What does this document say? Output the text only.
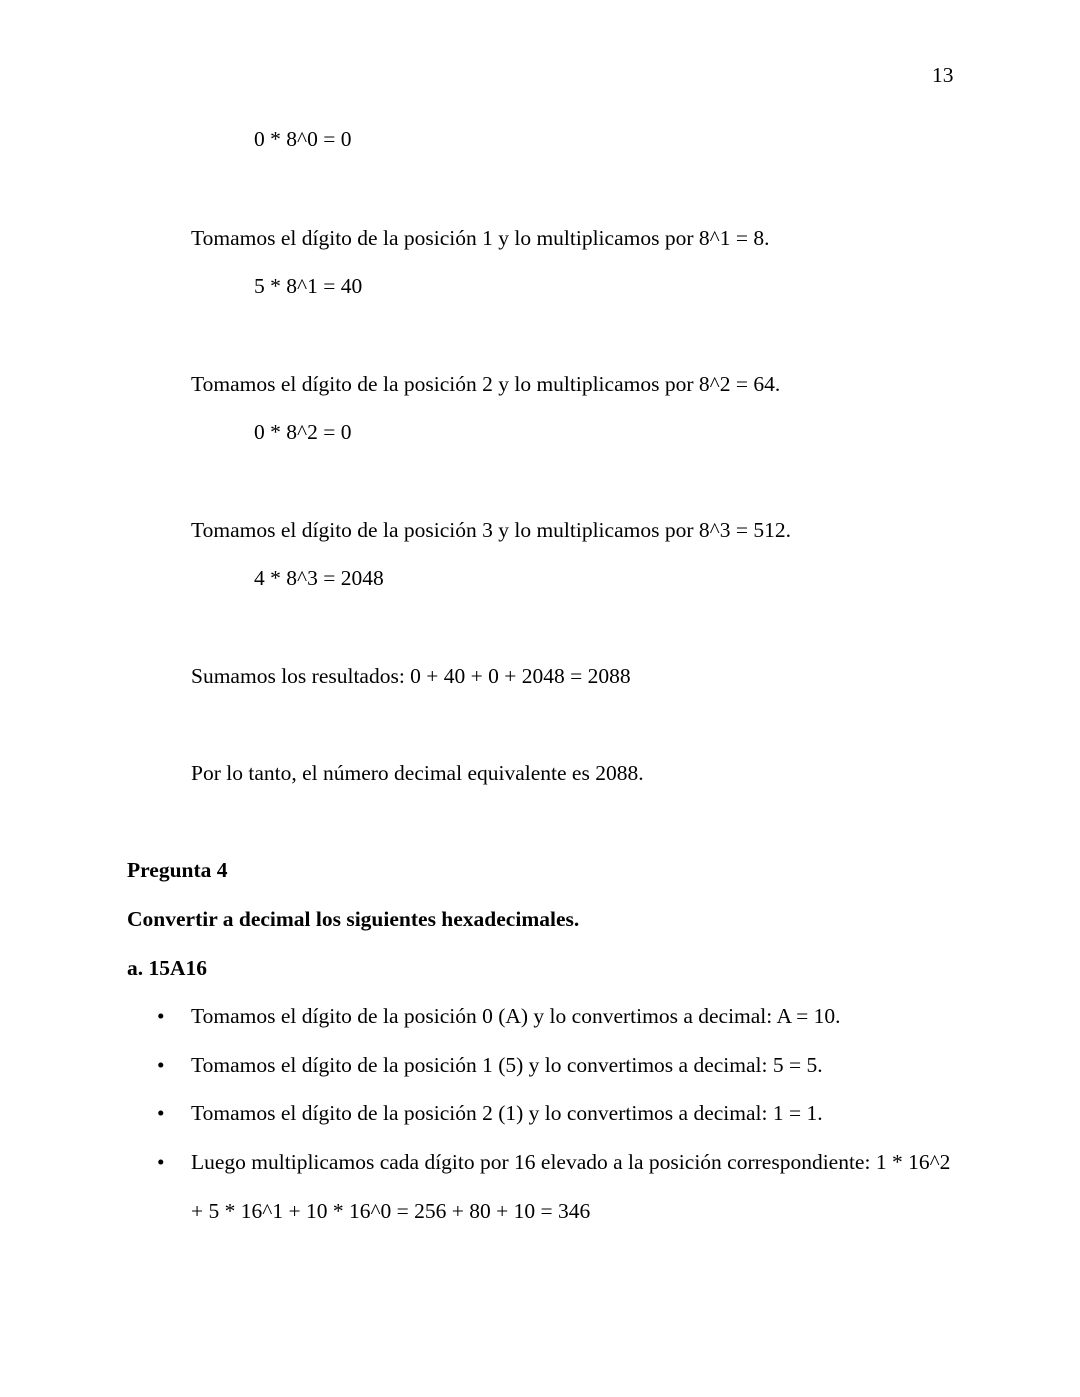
13
0 * 8^0 = 0
Tomamos el dígito de la posición 1 y lo multiplicamos por 8^1 = 8.
5 * 8^1 = 40
Tomamos el dígito de la posición 2 y lo multiplicamos por 8^2 = 64.
0 * 8^2 = 0
Tomamos el dígito de la posición 3 y lo multiplicamos por 8^3 = 512.
4 * 8^3 = 2048
Sumamos los resultados: 0 + 40 + 0 + 2048 = 2088
Por lo tanto, el número decimal equivalente es 2088.
Pregunta 4
Convertir a decimal los siguientes hexadecimales.
a. 15A16
• Tomamos el dígito de la posición 0 (A) y lo convertimos a decimal: A = 10.
• Tomamos el dígito de la posición 1 (5) y lo convertimos a decimal: 5 = 5.
• Tomamos el dígito de la posición 2 (1) y lo convertimos a decimal: 1 = 1.
• Luego multiplicamos cada dígito por 16 elevado a la posición correspondiente: 1 * 16^2
+ 5 * 16^1 + 10 * 16^0 = 256 + 80 + 10 = 346
